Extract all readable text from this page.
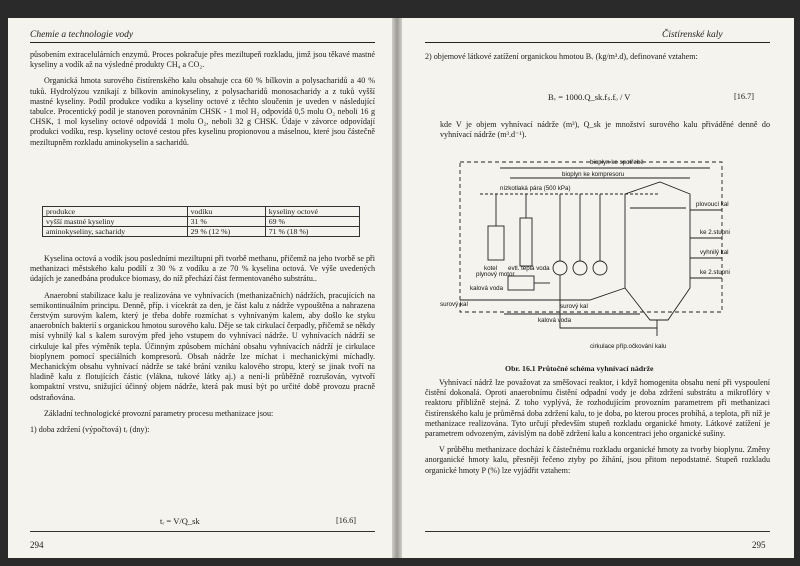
Chemie a technologie vody

působením extracelulárních enzymů. Proces pokračuje přes meziltupeň rozkladu, jimž jsou těkavé mastné kyseliny a vodík až na výsledné produkty CH₄ a CO₂.

Organická hmota surového čistírenského kalu obsahuje cca 60 % bílkovin a polysacharidů a 40 % tuků. Hydrolýzou vznikají z bílkovin aminokyseliny, z polysacharidů monosacharidy a z tuků vyšší mastné kyseliny. Podíl produkce vodíku a kyseliny octové z těchto sloučenin je uveden v následující tabulce. Procentický podíl je stanoven porovnáním CHSK - 1 mol H₂ odpovídá 0,5 molu O₂ neboli 16 g CHSK, 1 mol kyseliny octové odpovídá 1 molu O₂, neboli 32 g CHSK. Údaje v závorce odpovídají produkci vodíku, resp. kyseliny octové cestou přes kyselinu propionovou a máselnou, které jsou částečně meziltupněm rozkladu aminokyselin a sacharidů.

produkce	vodíku	kyseliny octové
vyšší mastné kyseliny	31 %	69 %
aminokyseliny, sacharidy	29 % (12 %)	71 % (18 %)

Kyselina octová a vodík jsou posledními meziltupni při tvorbě methanu, přičemž na jeho tvorbě se při methanizaci městského kalu podílí z 30 % z vodíku a ze 70 % kyselina octová. Ve výše uvedených údajích je zanedbána produkce biomasy, do níž přechází část fermentovaného substrátu..

Anaerobní stabilizace kalu je realizována ve vyhnívacích (methanizačních) nádržích, pracujících na semikontinuálním principu. Denně, příp. i vícekrát za den, je část kalu z nádrže vypouštěna a nahrazena čerstvým surovým kalem, který je třeba dobře rozmíchat s vyhnívaným kalem, aby došlo ke styku anaerobních bakterií s organickou hmotou surového kalu. Děje se tak cirkulací čerpadly, přičemž se někdy mísí vyhnilý kal s kalem surovým před jeho vstupem do vyhnívací nádrže. U vyhnívacích nádrží se cirkuluje kal přes výměník tepla. Účinným způsobem míchání obsahu vyhnívacích nádrží je cirkulace bioplynem pomocí speciálních kompresorů. Obsah nádrže lze míchat i mechanickými míchadly. Mechanickým obsahu vyhnívací nádrže se také brání vzniku kalového stropu, který se jinak tvoří na hladině kalu z flotujících částic (vlákna, tukové látky aj.) a není-li průběžně rozrušován, vytvoří kompaktní vrstvu, snižující účinný objem nádrže, která pak musí být po určité době provozu pracně odstraňována.

Základní technologické provozní parametry procesu methanizace jsou:

1) doba zdržení (výpočtová) tᵣ (dny):

tᵣ = V/Q_sk	[16.6]
294
Čistírenské kaly
2) objemové látkové zatížení organickou hmotou Bᵥ (kg/m³.d), definované vztahem:
Bᵥ = 1000.Q_sk.fₛ.fₒ / V	[16.7]
kde V je objem vyhnívací nádrže (m³), Q_sk je množství surového kalu přiváděné denně do vyhnívací nádrže (m³.d⁻¹).
bioplyn ke spotřebě
bioplyn ke kompresoru
nízkotlaká pára (500 kPa)
plovoucí kal
ke 2.stupni
vyhnilý kal
ke 2.stupni
kotel evtl. teplá voda
plynový motor
kalová voda
surový kal	surový kal
kalová voda
cirkulace příp.očkování kalu
Obr. 16.1 Průtočné schéma vyhnívací nádrže

Vyhnívací nádrž lze považovat za směšovací reaktor, i když homogenita obsahu není při vyspoulení čistění dokonalá. Oproti anaerobnímu čistění odpadní vody je doba zdržení substrátu a mikroflóry v reaktoru přibližně stejná. Z toho vyplývá, že rozhodujícím provozním parametrem při methanizaci čistírenského kalu je průměrná doba zdržení kalu, to je doba, po kterou proces probíhá, a teplota, při níž je methanizace realizována. Tyto určují především stupeň rozkladu organické hmoty. Látkové zatížení je parametrem odvozeným, závislým na době zdržení kalu a koncentraci jeho organické sušiny.

V průběhu methanizace dochází k částečnému rozkladu organické hmoty za tvorby bioplynu. Změny anorganické hmoty kalu, přesněji řečeno ztyby po žíhání, jsou přitom nepodstatné. Stupeň rozkladu organické hmoty P (%) lze vyjádřit vztahem:

295
